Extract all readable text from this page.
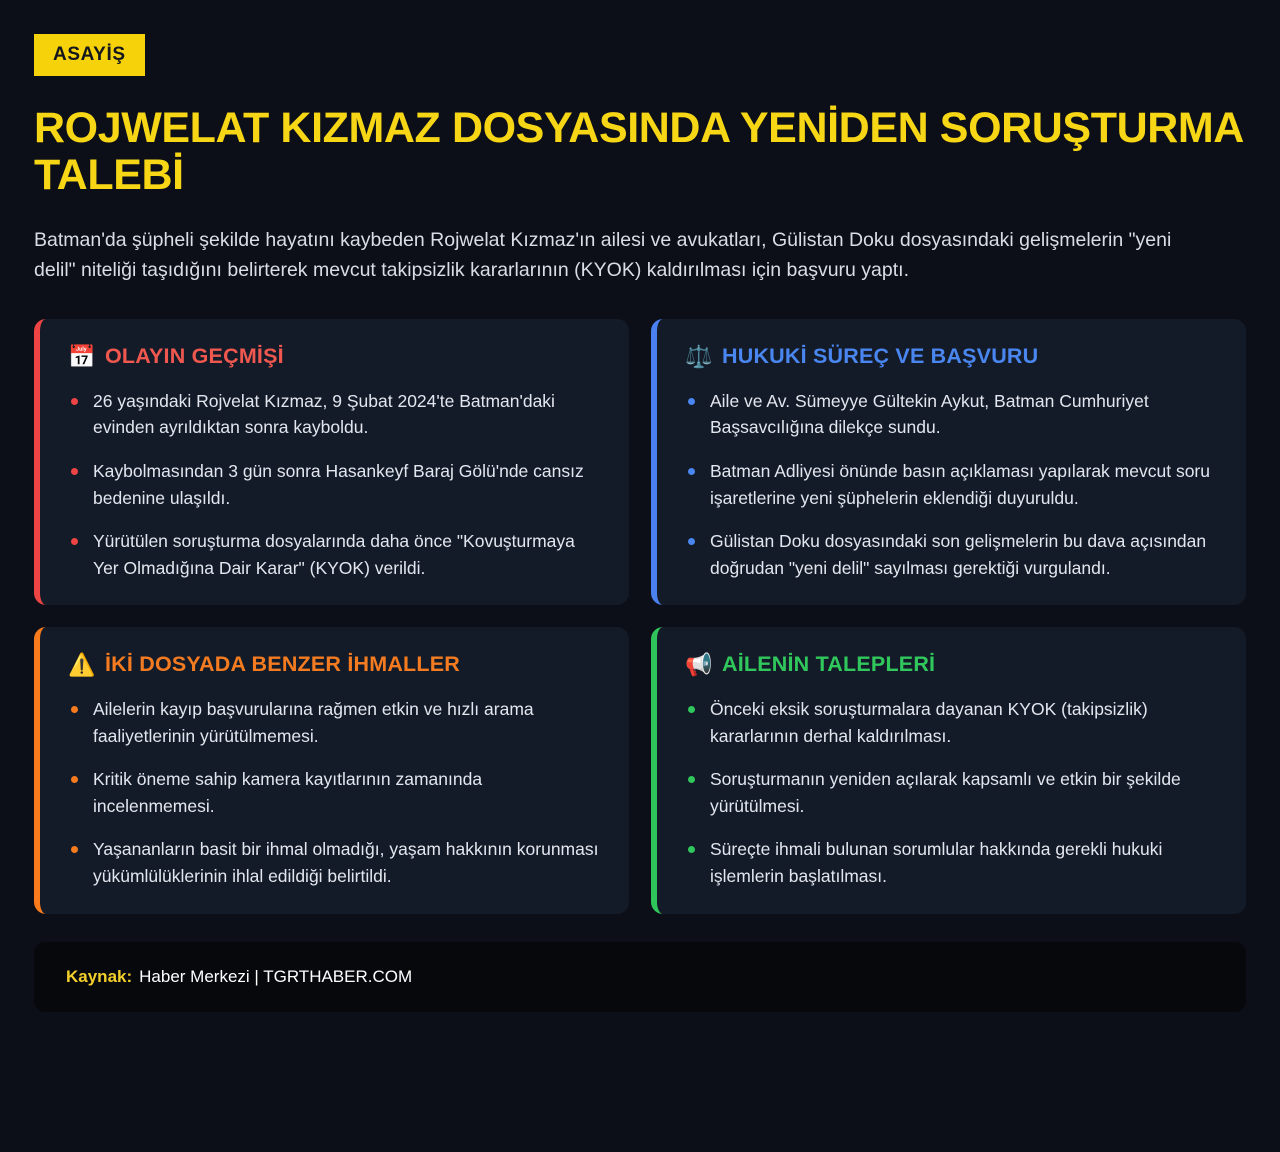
ASAYİŞ
ROJWELAT KIZMAZ DOSYASINDA YENİDEN SORUŞTURMA TALEBİ

Batman'da şüpheli şekilde hayatını kaybeden Rojwelat Kızmaz'ın ailesi ve avukatları, Gülistan Doku dosyasındaki gelişmelerin "yeni delil" niteliği taşıdığını belirterek mevcut takipsizlik kararlarının (KYOK) kaldırılması için başvuru yaptı.

📅 OLAYIN GEÇMİŞİ
26 yaşındaki Rojvelat Kızmaz, 9 Şubat 2024'te Batman'daki evinden ayrıldıktan sonra kayboldu.
Kaybolmasından 3 gün sonra Hasankeyf Baraj Gölü'nde cansız bedenine ulaşıldı.
Yürütülen soruşturma dosyalarında daha önce "Kovuşturmaya Yer Olmadığına Dair Karar" (KYOK) verildi.
⚖️ HUKUKİ SÜREÇ VE BAŞVURU
Aile ve Av. Sümeyye Gültekin Aykut, Batman Cumhuriyet Başsavcılığına dilekçe sundu.
Batman Adliyesi önünde basın açıklaması yapılarak mevcut soru işaretlerine yeni şüphelerin eklendiği duyuruldu.
Gülistan Doku dosyasındaki son gelişmelerin bu dava açısından doğrudan "yeni delil" sayılması gerektiği vurgulandı.
⚠️ İKİ DOSYADA BENZER İHMALLER
Ailelerin kayıp başvurularına rağmen etkin ve hızlı arama faaliyetlerinin yürütülmemesi.
Kritik öneme sahip kamera kayıtlarının zamanında incelenmemesi.
Yaşananların basit bir ihmal olmadığı, yaşam hakkının korunması yükümlülüklerinin ihlal edildiği belirtildi.
📢 AİLENİN TALEPLERİ
Önceki eksik soruşturmalara dayanan KYOK (takipsizlik) kararlarının derhal kaldırılması.
Soruşturmanın yeniden açılarak kapsamlı ve etkin bir şekilde yürütülmesi.
Süreçte ihmali bulunan sorumlular hakkında gerekli hukuki işlemlerin başlatılması.
Kaynak: Haber Merkezi | TGRTHABER.COM
